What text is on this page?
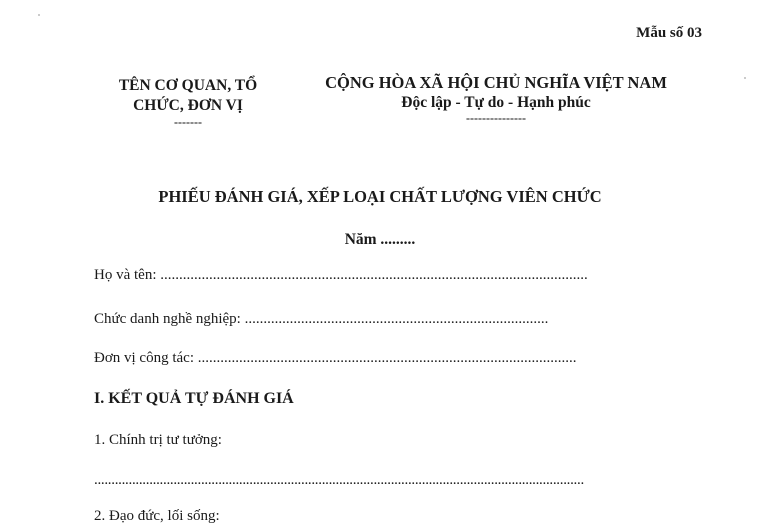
Mẫu số 03
TÊN CƠ QUAN, TỔ
CHỨC, ĐƠN VỊ
-------
CỘNG HÒA XÃ HỘI CHỦ NGHĨA VIỆT NAM
Độc lập - Tự do - Hạnh phúc
---------------
PHIẾU ĐÁNH GIÁ, XẾP LOẠI CHẤT LƯỢNG VIÊN CHỨC
Năm .........
Họ và tên: ..................................................................................................................
Chức danh nghề nghiệp: .................................................................................
Đơn vị công tác: .....................................................................................................
I. KẾT QUẢ TỰ ĐÁNH GIÁ
1. Chính trị tư tưởng:
..............................................................................................................................................
2. Đạo đức, lối sống:
